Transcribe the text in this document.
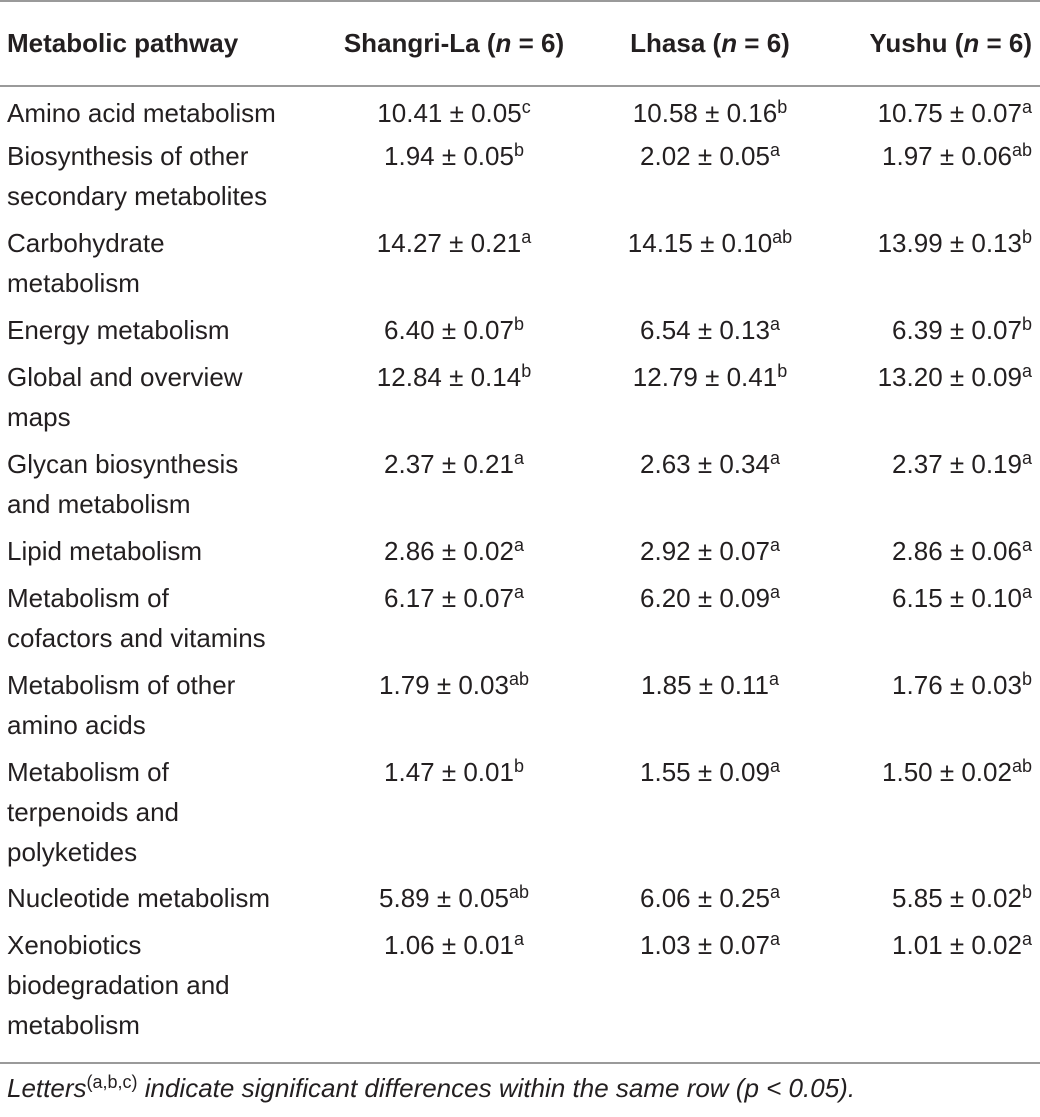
Metabolic pathway	Shangri-La (n = 6)	Lhasa (n = 6)	Yushu (n = 6)

Amino acid metabolism	10.41 ± 0.05$^c$	10.58 ± 0.16$^b$	10.75 ± 0.07$^a$

Biosynthesis of other
secondary metabolites	1.94 ± 0.05$^b$	2.02 ± 0.05$^a$	1.97 ± 0.06$^{ab}$

Carbohydrate
metabolism	14.27 ± 0.21$^a$	14.15 ± 0.10$^{ab}$	13.99 ± 0.13$^b$

Energy metabolism	6.40 ± 0.07$^b$	6.54 ± 0.13$^a$	6.39 ± 0.07$^b$

Global and overview
maps	12.84 ± 0.14$^b$	12.79 ± 0.41$^b$	13.20 ± 0.09$^a$

Glycan biosynthesis
and metabolism	2.37 ± 0.21$^a$	2.63 ± 0.34$^a$	2.37 ± 0.19$^a$

Lipid metabolism	2.86 ± 0.02$^a$	2.92 ± 0.07$^a$	2.86 ± 0.06$^a$

Metabolism of
cofactors and vitamins	6.17 ± 0.07$^a$	6.20 ± 0.09$^a$	6.15 ± 0.10$^a$

Metabolism of other
amino acids	1.79 ± 0.03$^{ab}$	1.85 ± 0.11$^a$	1.76 ± 0.03$^b$

Metabolism of
terpenoids and
polyketides	1.47 ± 0.01$^b$	1.55 ± 0.09$^a$	1.50 ± 0.02$^{ab}$

Nucleotide metabolism	5.89 ± 0.05$^{ab}$	6.06 ± 0.25$^a$	5.85 ± 0.02$^b$

Xenobiotics
biodegradation and
metabolism	1.06 ± 0.01$^a$	1.03 ± 0.07$^a$	1.01 ± 0.02$^a$
Letters$^{(a,b,c)}$ indicate significant differences within the same row (p < 0.05).
